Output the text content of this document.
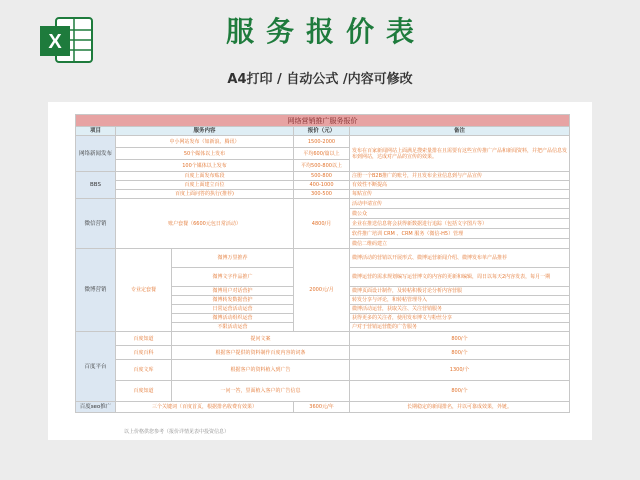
X	服务报价表
A4打印 / 自动公式 /内容可修改
网络营销推广服务报价				
项目	服务内容		报价（元）	备注
网络新闻发布	中小网站发布（如新浪、腾讯）		1500-2000	发布在百家新闻网站上面满足搜索量排在且需要有这些宣传推广产品和新闻资料，并把产品信息发布到网站，达成对产品的宣传的效果。
	50个媒体以上发布		平均600/篇以上	
	100个媒体以上发布		平均500-800以上	
BBS	百度上面发布贴段		500-800	注册一个B2B推广的账号，并且发布企业信息到与产品宣传
	百度上面建立百位		400-1000	有效性不断提高
	百度上面问答的执行(推荐)		300-500	每贴宣传
微信营销	账户套餐（6600元包日常活动）		4800/月	活动申请宣传
				微公众
				企业在推送信息将会获得新数据进行追踪（包括文字图片等）
				软件推广培训 CRM 、CRM 服务（微信-H5）管理
				微信二维码建立
微博营销	专业定套餐	微博万里推荐	2000元/月	微博活动的营销以开展形式、微博运营新闻介绍、微博发布单产品推荐
		微博文字作品推广		微博运营的需求规划编写运营博文的内容的更新和编辑，周日以每天2内容发表，每月一期
		微博用户对话营护		微博页面设计制作，及转帖积极讨论分析内容营服
		微博转发数据营护		转发分享与评论，和转帖管理导入
		日常运营活动运营		微博活动运营，获取关注、关注营销服务
		微博活动组织运营		获得更多的关注者，使用发布博文与粉丝分享
		不限活动运营		户对于营销运营能的广告服务
百度平台	百度知道	提问文案		800/个
	百度百科	根据客户提供的资料制作百度内容的词条		800/个
	百度文库	根据客户的资料植入到广告		1300/个
	百度知道	一问一答，里面植入客户的广告信息		800/个
百度seo推广	三个关键词（百度首页，根据排名收费有效果）		3600元/年	长期稳定的新闻排名，并以可靠成效果，外链。
以上价格供您参考（报价详情见表中投资信息）
